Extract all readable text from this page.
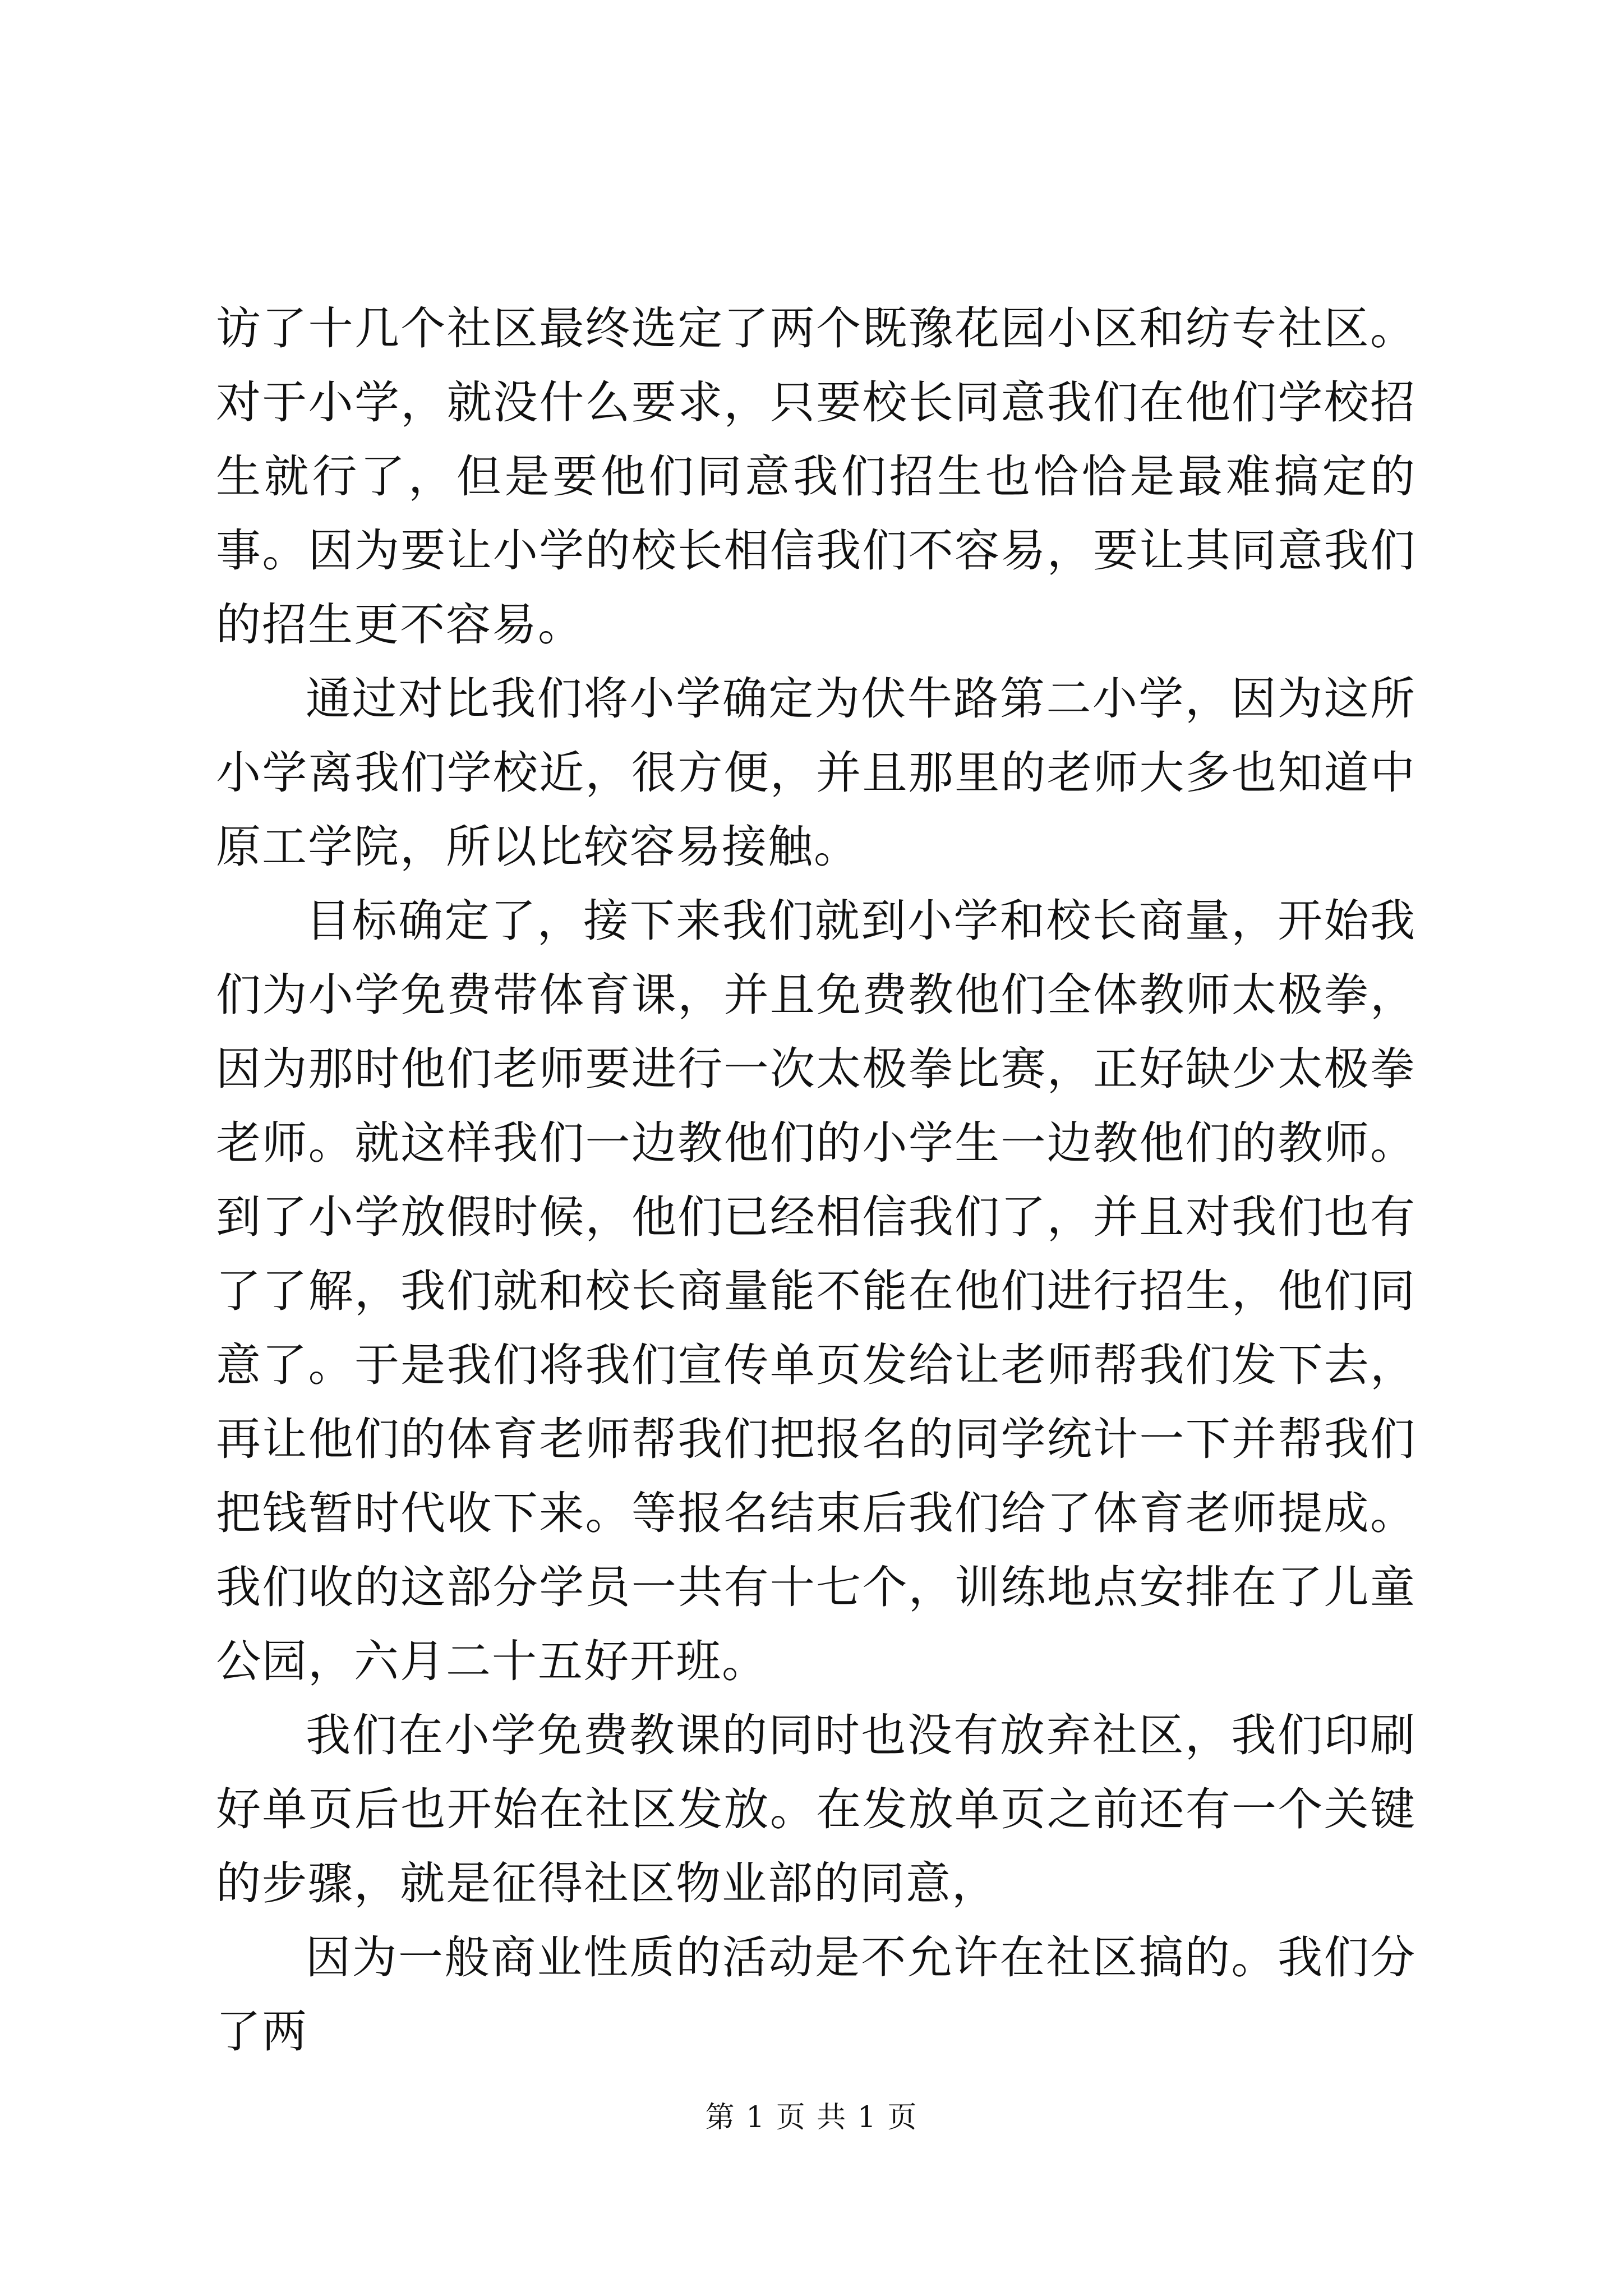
访了十几个社区最终选定了两个既豫花园小区和纺专社区。对于小学，就没什么要求，只要校长同意我们在他们学校招生就行了，但是要他们同意我们招生也恰恰是最难搞定的事。因为要让小学的校长相信我们不容易，要让其同意我们的招生更不容易。

通过对比我们将小学确定为伏牛路第二小学，因为这所小学离我们学校近，很方便，并且那里的老师大多也知道中原工学院，所以比较容易接触。

目标确定了，接下来我们就到小学和校长商量，开始我们为小学免费带体育课，并且免费教他们全体教师太极拳，因为那时他们老师要进行一次太极拳比赛，正好缺少太极拳老师。就这样我们一边教他们的小学生一边教他们的教师。到了小学放假时候，他们已经相信我们了，并且对我们也有了了解，我们就和校长商量能不能在他们进行招生，他们同意了。于是我们将我们宣传单页发给让老师帮我们发下去，再让他们的体育老师帮我们把报名的同学统计一下并帮我们把钱暂时代收下来。等报名结束后我们给了体育老师提成。我们收的这部分学员一共有十七个，训练地点安排在了儿童公园，六月二十五好开班。

我们在小学免费教课的同时也没有放弃社区，我们印刷好单页后也开始在社区发放。在发放单页之前还有一个关键的步骤，就是征得社区物业部的同意，

因为一般商业性质的活动是不允许在社区搞的。我们分了两

第 1 页 共 1 页
